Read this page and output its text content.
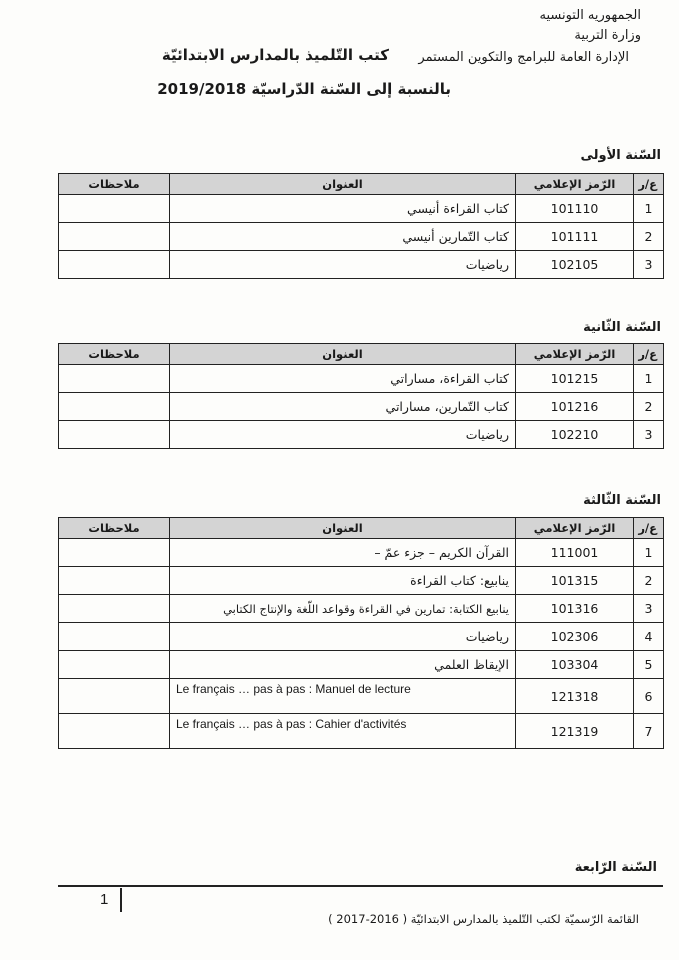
الجمهوريه التونسيه
وزارة التربية
الإدارة العامة للبرامج والتكوين المستمر
كتب التّلميذ بالمدارس الابتدائيّة
بالنسبة إلى السّنة الدّراسيّة 2019/2018
السّنة الأولى
ع/ر	الرّمز الإعلامي	العنوان	ملاحظات
1	101110	كتاب القراءة أنيسي	
2	101111	كتاب التّمارين أنيسي	
3	102105	رياضيات	
السّنة الثّانية
ع/ر	الرّمز الإعلامي	العنوان	ملاحظات
1	101215	كتاب القراءة، مساراتي	
2	101216	كتاب التّمارين، مساراتي	
3	102210	رياضيات	
السّنة الثّالثة
ع/ر	الرّمز الإعلامي	العنوان	ملاحظات
1	111001	القرآن الكريم – جزء عمّ –	
2	101315	ينابيع: كتاب القراءة	
3	101316	ينابيع الكتابة: تمارين في القراءة وقواعد اللّغة والإنتاج الكتابي	
4	102306	رياضيات	
5	103304	الإيقاظ العلمي	
6	121318	Le français … pas à pas : Manuel de lecture	
7	121319	Le français … pas à pas : Cahier d'activités	
السّنة الرّابعة
1
القائمة الرّسميّة لكتب التّلميذ بالمدارس الابتدائيّة ( 2016-2017 )
